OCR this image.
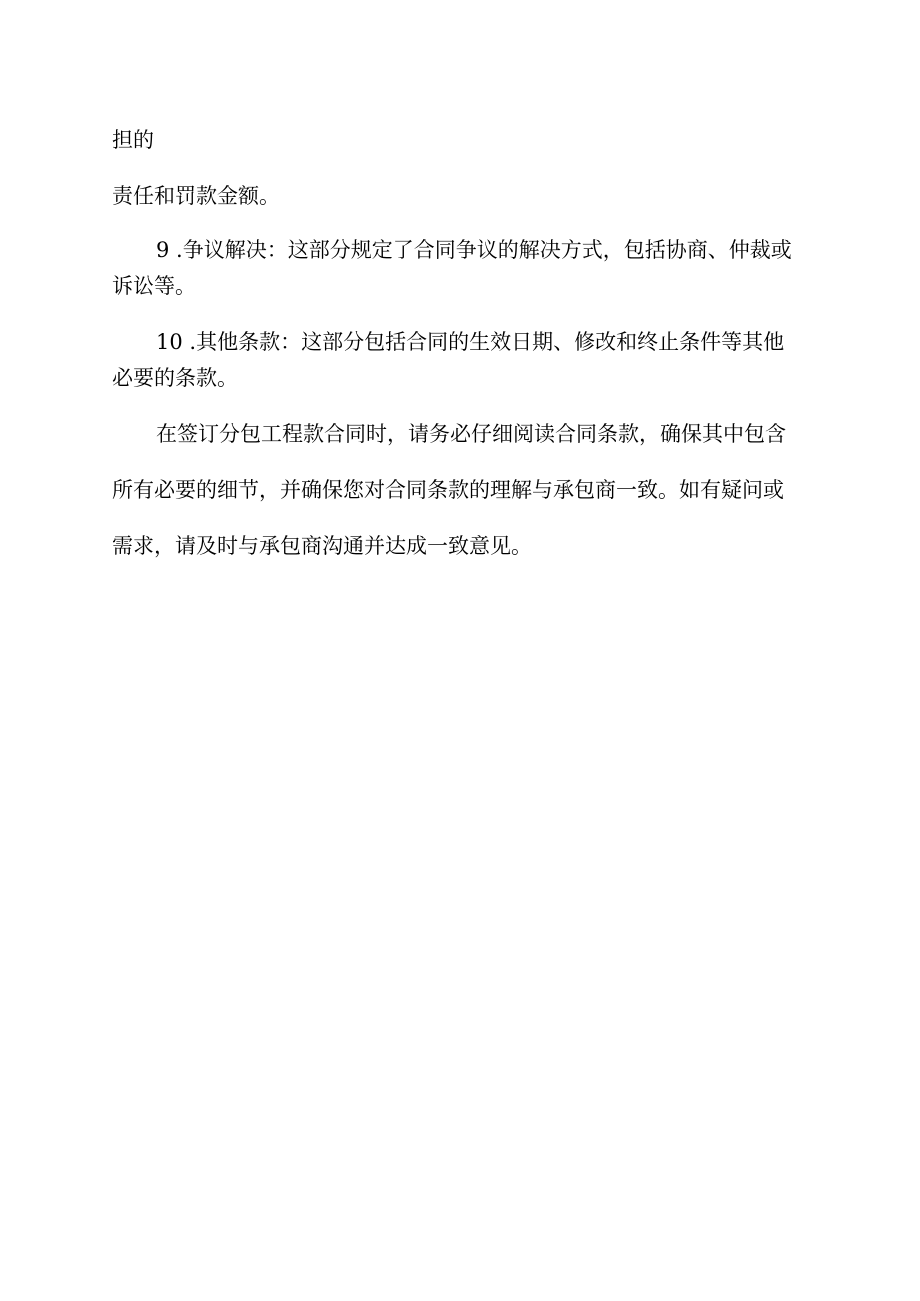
担的
责任和罚款金额。
9 .争议解决：这部分规定了合同争议的解决方式，包括协商、仲裁或
诉讼等。
10 .其他条款：这部分包括合同的生效日期、修改和终止条件等其他
必要的条款。
在签订分包工程款合同时，请务必仔细阅读合同条款，确保其中包含
所有必要的细节，并确保您对合同条款的理解与承包商一致。如有疑问或
需求，请及时与承包商沟通并达成一致意见。
